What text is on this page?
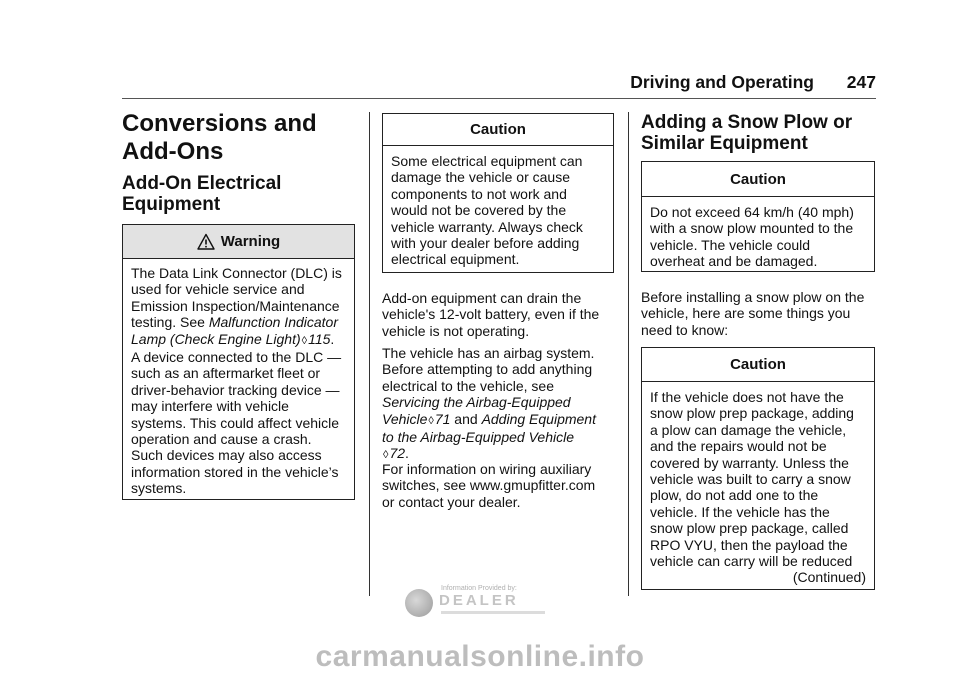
Driving and Operating 247
Conversions and
Add-Ons
Add-On Electrical
Equipment
Warning
The Data Link Connector (DLC) is
used for vehicle service and
Emission Inspection/Maintenance
testing. See Malfunction Indicator
Lamp (Check Engine Light)◊115.
A device connected to the DLC —
such as an aftermarket fleet or
driver-behavior tracking device —
may interfere with vehicle
systems. This could affect vehicle
operation and cause a crash.
Such devices may also access
information stored in the vehicle’s
systems.
Caution
Some electrical equipment can
damage the vehicle or cause
components to not work and
would not be covered by the
vehicle warranty. Always check
with your dealer before adding
electrical equipment.
Add-on equipment can drain the
vehicle's 12-volt battery, even if the
vehicle is not operating.
The vehicle has an airbag system.
Before attempting to add anything
electrical to the vehicle, see
Servicing the Airbag-Equipped
Vehicle◊71 and Adding Equipment
to the Airbag-Equipped Vehicle
◊72.
For information on wiring auxiliary
switches, see www.gmupfitter.com
or contact your dealer.
Adding a Snow Plow or
Similar Equipment
Caution
Do not exceed 64 km/h (40 mph)
with a snow plow mounted to the
vehicle. The vehicle could
overheat and be damaged.
Before installing a snow plow on the
vehicle, here are some things you
need to know:
Caution
If the vehicle does not have the
snow plow prep package, adding
a plow can damage the vehicle,
and the repairs would not be
covered by warranty. Unless the
vehicle was built to carry a snow
plow, do not add one to the
vehicle. If the vehicle has the
snow plow prep package, called
RPO VYU, then the payload the
vehicle can carry will be reduced
(Continued)
Information Provided by:
DEALER
carmanualsonline.info
